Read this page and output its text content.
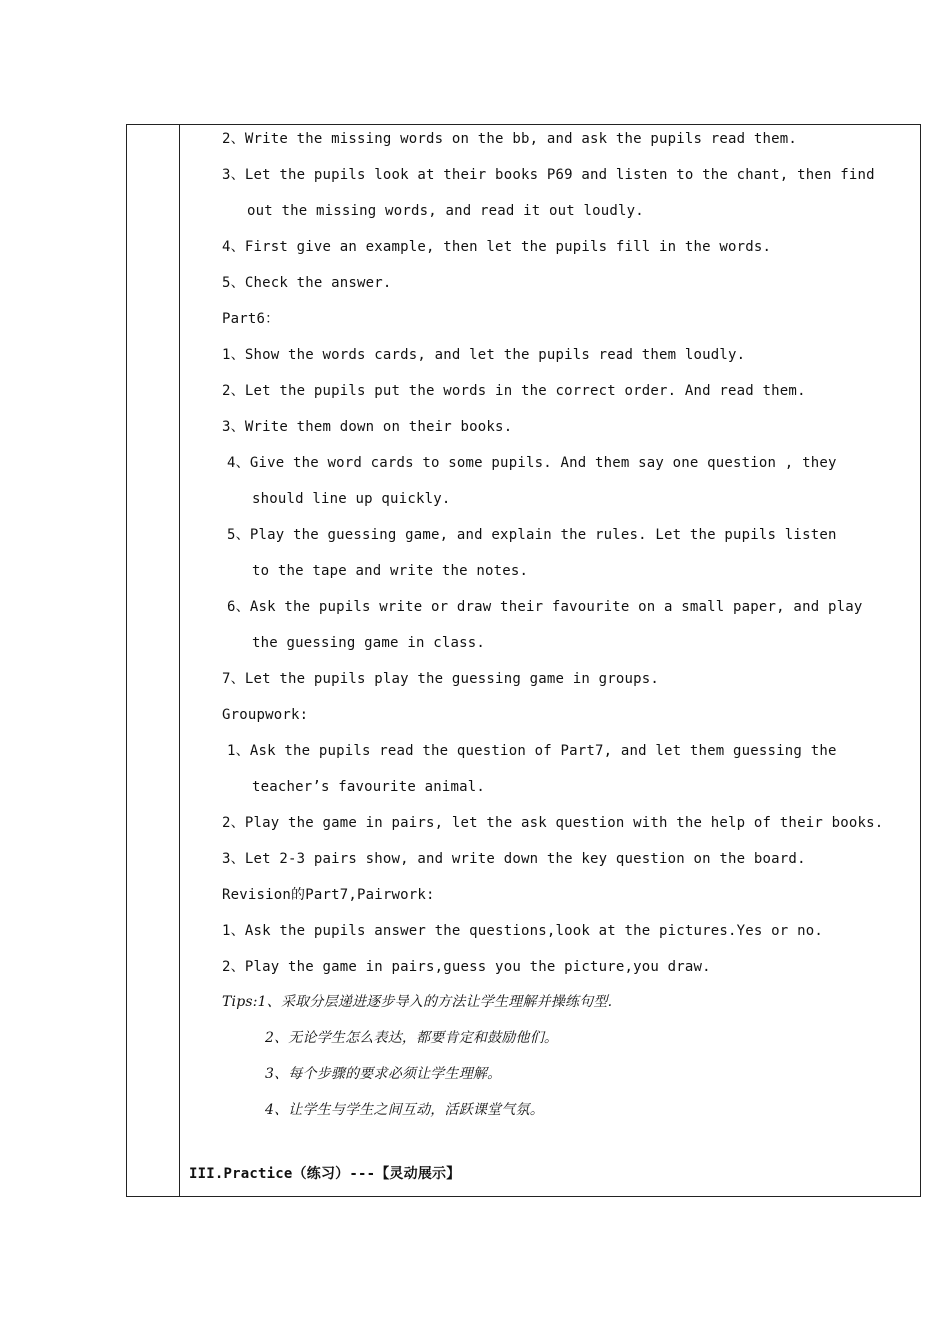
2、Write the missing words on the bb, and ask the pupils read them.
3、Let the pupils look at their books P69 and listen to the chant, then find
out the missing words, and read it out loudly.
4、First give an example, then let the pupils fill in the words.
5、Check the answer.
Part6：
1、Show the words cards, and let the pupils read them loudly.
2、Let the pupils put the words in the correct order. And read them.
3、Write them down on their books.
4、Give the word cards to some pupils. And them say one question , they
should line up quickly.
5、Play the guessing game, and explain the rules. Let the pupils listen
to the tape and write the notes.
6、Ask the pupils write or draw their favourite on a small paper, and play
the guessing game in class.
7、Let the pupils play the guessing game in groups.
Groupwork:
1、Ask the pupils read the question of Part7, and let them guessing the
teacher’s favourite animal.
2、Play the game in pairs, let the ask question with the help of their books.
3、Let 2-3 pairs show, and write down the key question on the board.
Revision的Part7,Pairwork:
1、Ask the pupils answer the questions,look at the pictures.Yes or no.
2、Play the game in pairs,guess you the picture,you draw.
Tips:1、采取分层递进逐步导入的方法让学生理解并操练句型.
2、无论学生怎么表达，都要肯定和鼓励他们。
3、每个步骤的要求必须让学生理解。
4、让学生与学生之间互动，活跃课堂气氛。
III.Practice（练习）---【灵动展示】
